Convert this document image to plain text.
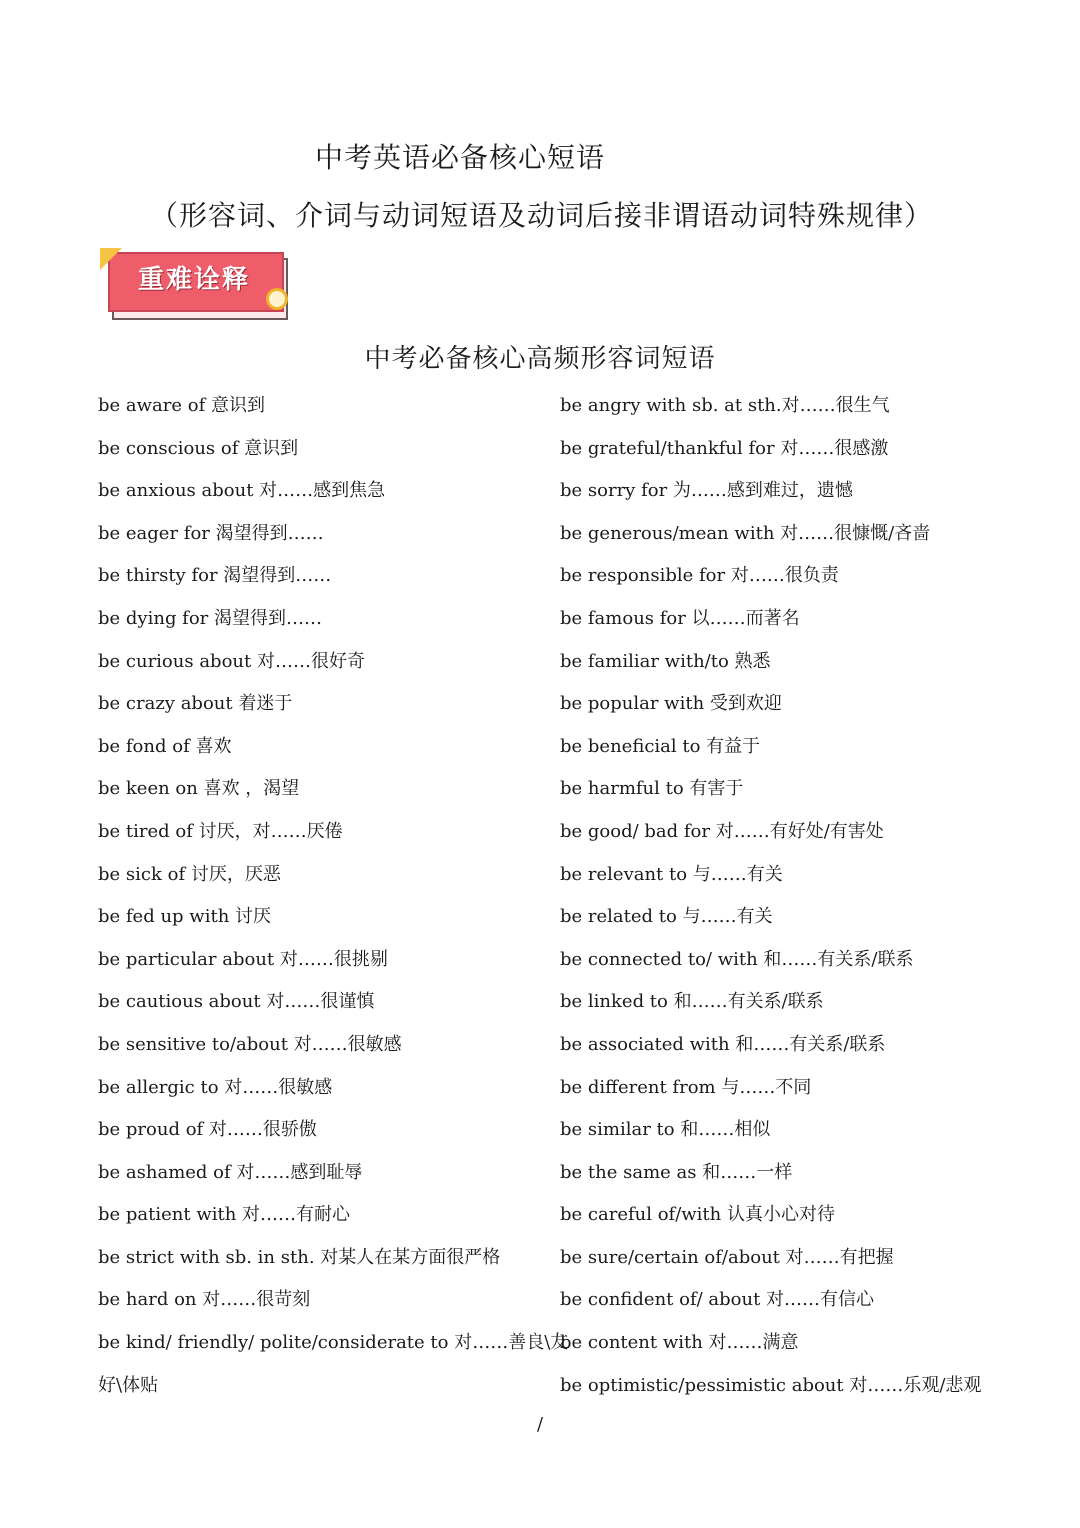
中考英语必备核心短语
（形容词、介词与动词短语及动词后接非谓语动词特殊规律）
重难诠释
中考必备核心高频形容词短语
be aware of 意识到
be conscious of 意识到
be anxious about 对……感到焦急
be eager for 渴望得到……
be thirsty for 渴望得到……
be dying for 渴望得到……
be curious about 对……很好奇
be crazy about 着迷于
be fond of 喜欢
be keen on 喜欢 ，渴望
be tired of 讨厌，对……厌倦
be sick of 讨厌，厌恶
be fed up with 讨厌
be particular about 对……很挑剔
be cautious about 对……很谨慎
be sensitive to/about 对……很敏感
be allergic to 对……很敏感
be proud of 对……很骄傲
be ashamed of 对……感到耻辱
be patient with 对……有耐心
be strict with sb. in sth. 对某人在某方面很严格
be hard on 对……很苛刻
be kind/ friendly/ polite/considerate to 对……善良\友
好\体贴
be angry with sb. at sth.对……很生气
be grateful/thankful for 对……很感激
be sorry for 为……感到难过，遗憾
be generous/mean with 对……很慷慨/吝啬
be responsible for 对……很负责
be famous for 以……而著名
be familiar with/to 熟悉
be popular with 受到欢迎
be beneficial to 有益于
be harmful to 有害于
be good/ bad for 对……有好处/有害处
be relevant to 与……有关
be related to 与……有关
be connected to/ with 和……有关系/联系
be linked to 和……有关系/联系
be associated with 和……有关系/联系
be different from 与……不同
be similar to 和……相似
be the same as 和……一样
be careful of/with 认真小心对待
be sure/certain of/about 对……有把握
be confident of/ about 对……有信心
be content with 对……满意
be optimistic/pessimistic about 对……乐观/悲观
/
